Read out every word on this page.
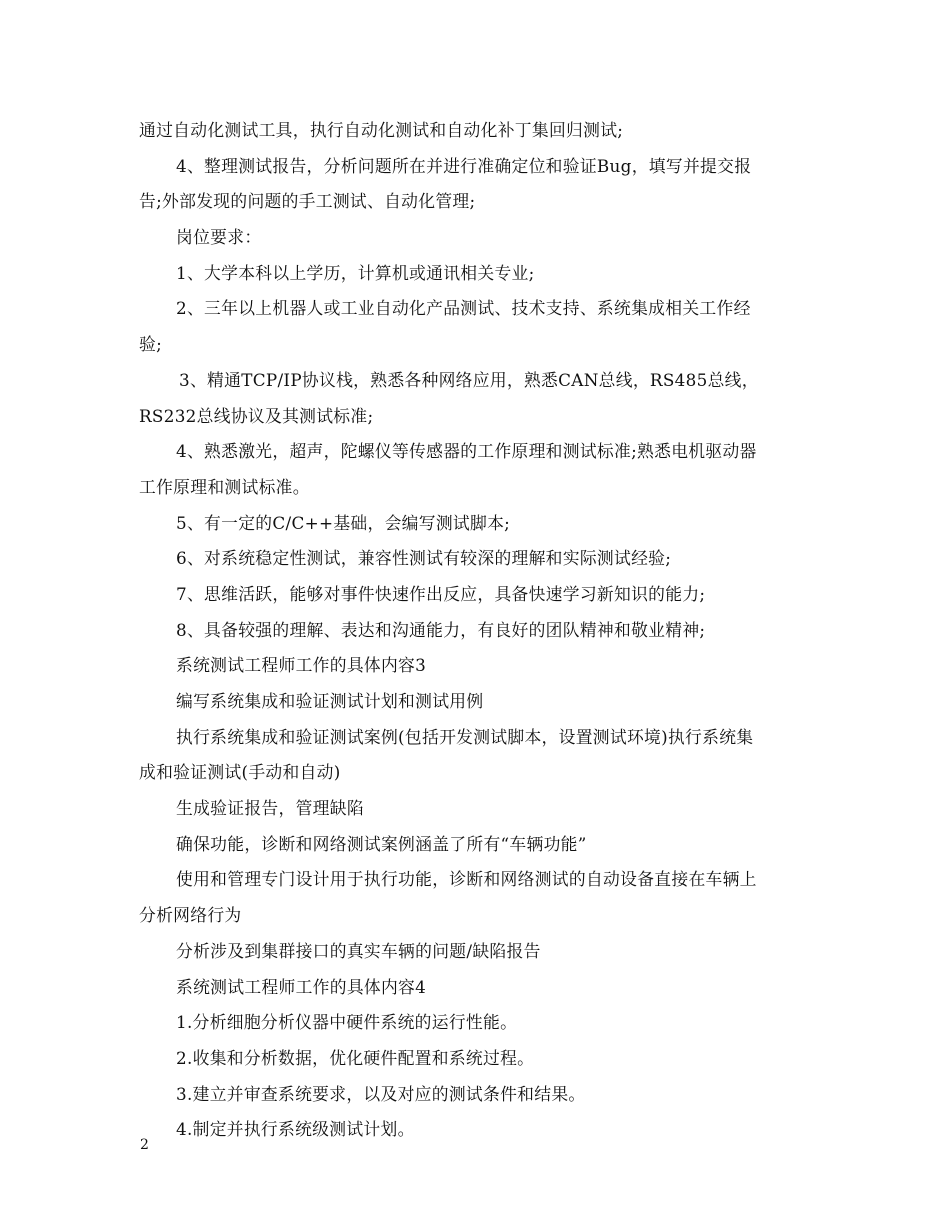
通过自动化测试工具，执行自动化测试和自动化补丁集回归测试;
4、整理测试报告，分析问题所在并进行准确定位和验证Bug，填写并提交报
告;外部发现的问题的手工测试、自动化管理;
岗位要求：
1、大学本科以上学历，计算机或通讯相关专业;
2、三年以上机器人或工业自动化产品测试、技术支持、系统集成相关工作经
验;
3、精通TCP/IP协议栈，熟悉各种网络应用，熟悉CAN总线，RS485总线，
RS232总线协议及其测试标准;
4、熟悉激光，超声，陀螺仪等传感器的工作原理和测试标准;熟悉电机驱动器
工作原理和测试标准。
5、有一定的C/C++基础，会编写测试脚本;
6、对系统稳定性测试，兼容性测试有较深的理解和实际测试经验;
7、思维活跃，能够对事件快速作出反应，具备快速学习新知识的能力;
8、具备较强的理解、表达和沟通能力，有良好的团队精神和敬业精神;
系统测试工程师工作的具体内容3
编写系统集成和验证测试计划和测试用例
执行系统集成和验证测试案例(包括开发测试脚本，设置测试环境)执行系统集
成和验证测试(手动和自动)
生成验证报告，管理缺陷
确保功能，诊断和网络测试案例涵盖了所有“车辆功能”
使用和管理专门设计用于执行功能，诊断和网络测试的自动设备直接在车辆上
分析网络行为
分析涉及到集群接口的真实车辆的问题/缺陷报告
系统测试工程师工作的具体内容4
1.分析细胞分析仪器中硬件系统的运行性能。
2.收集和分析数据，优化硬件配置和系统过程。
3.建立并审查系统要求，以及对应的测试条件和结果。
4.制定并执行系统级测试计划。
2
